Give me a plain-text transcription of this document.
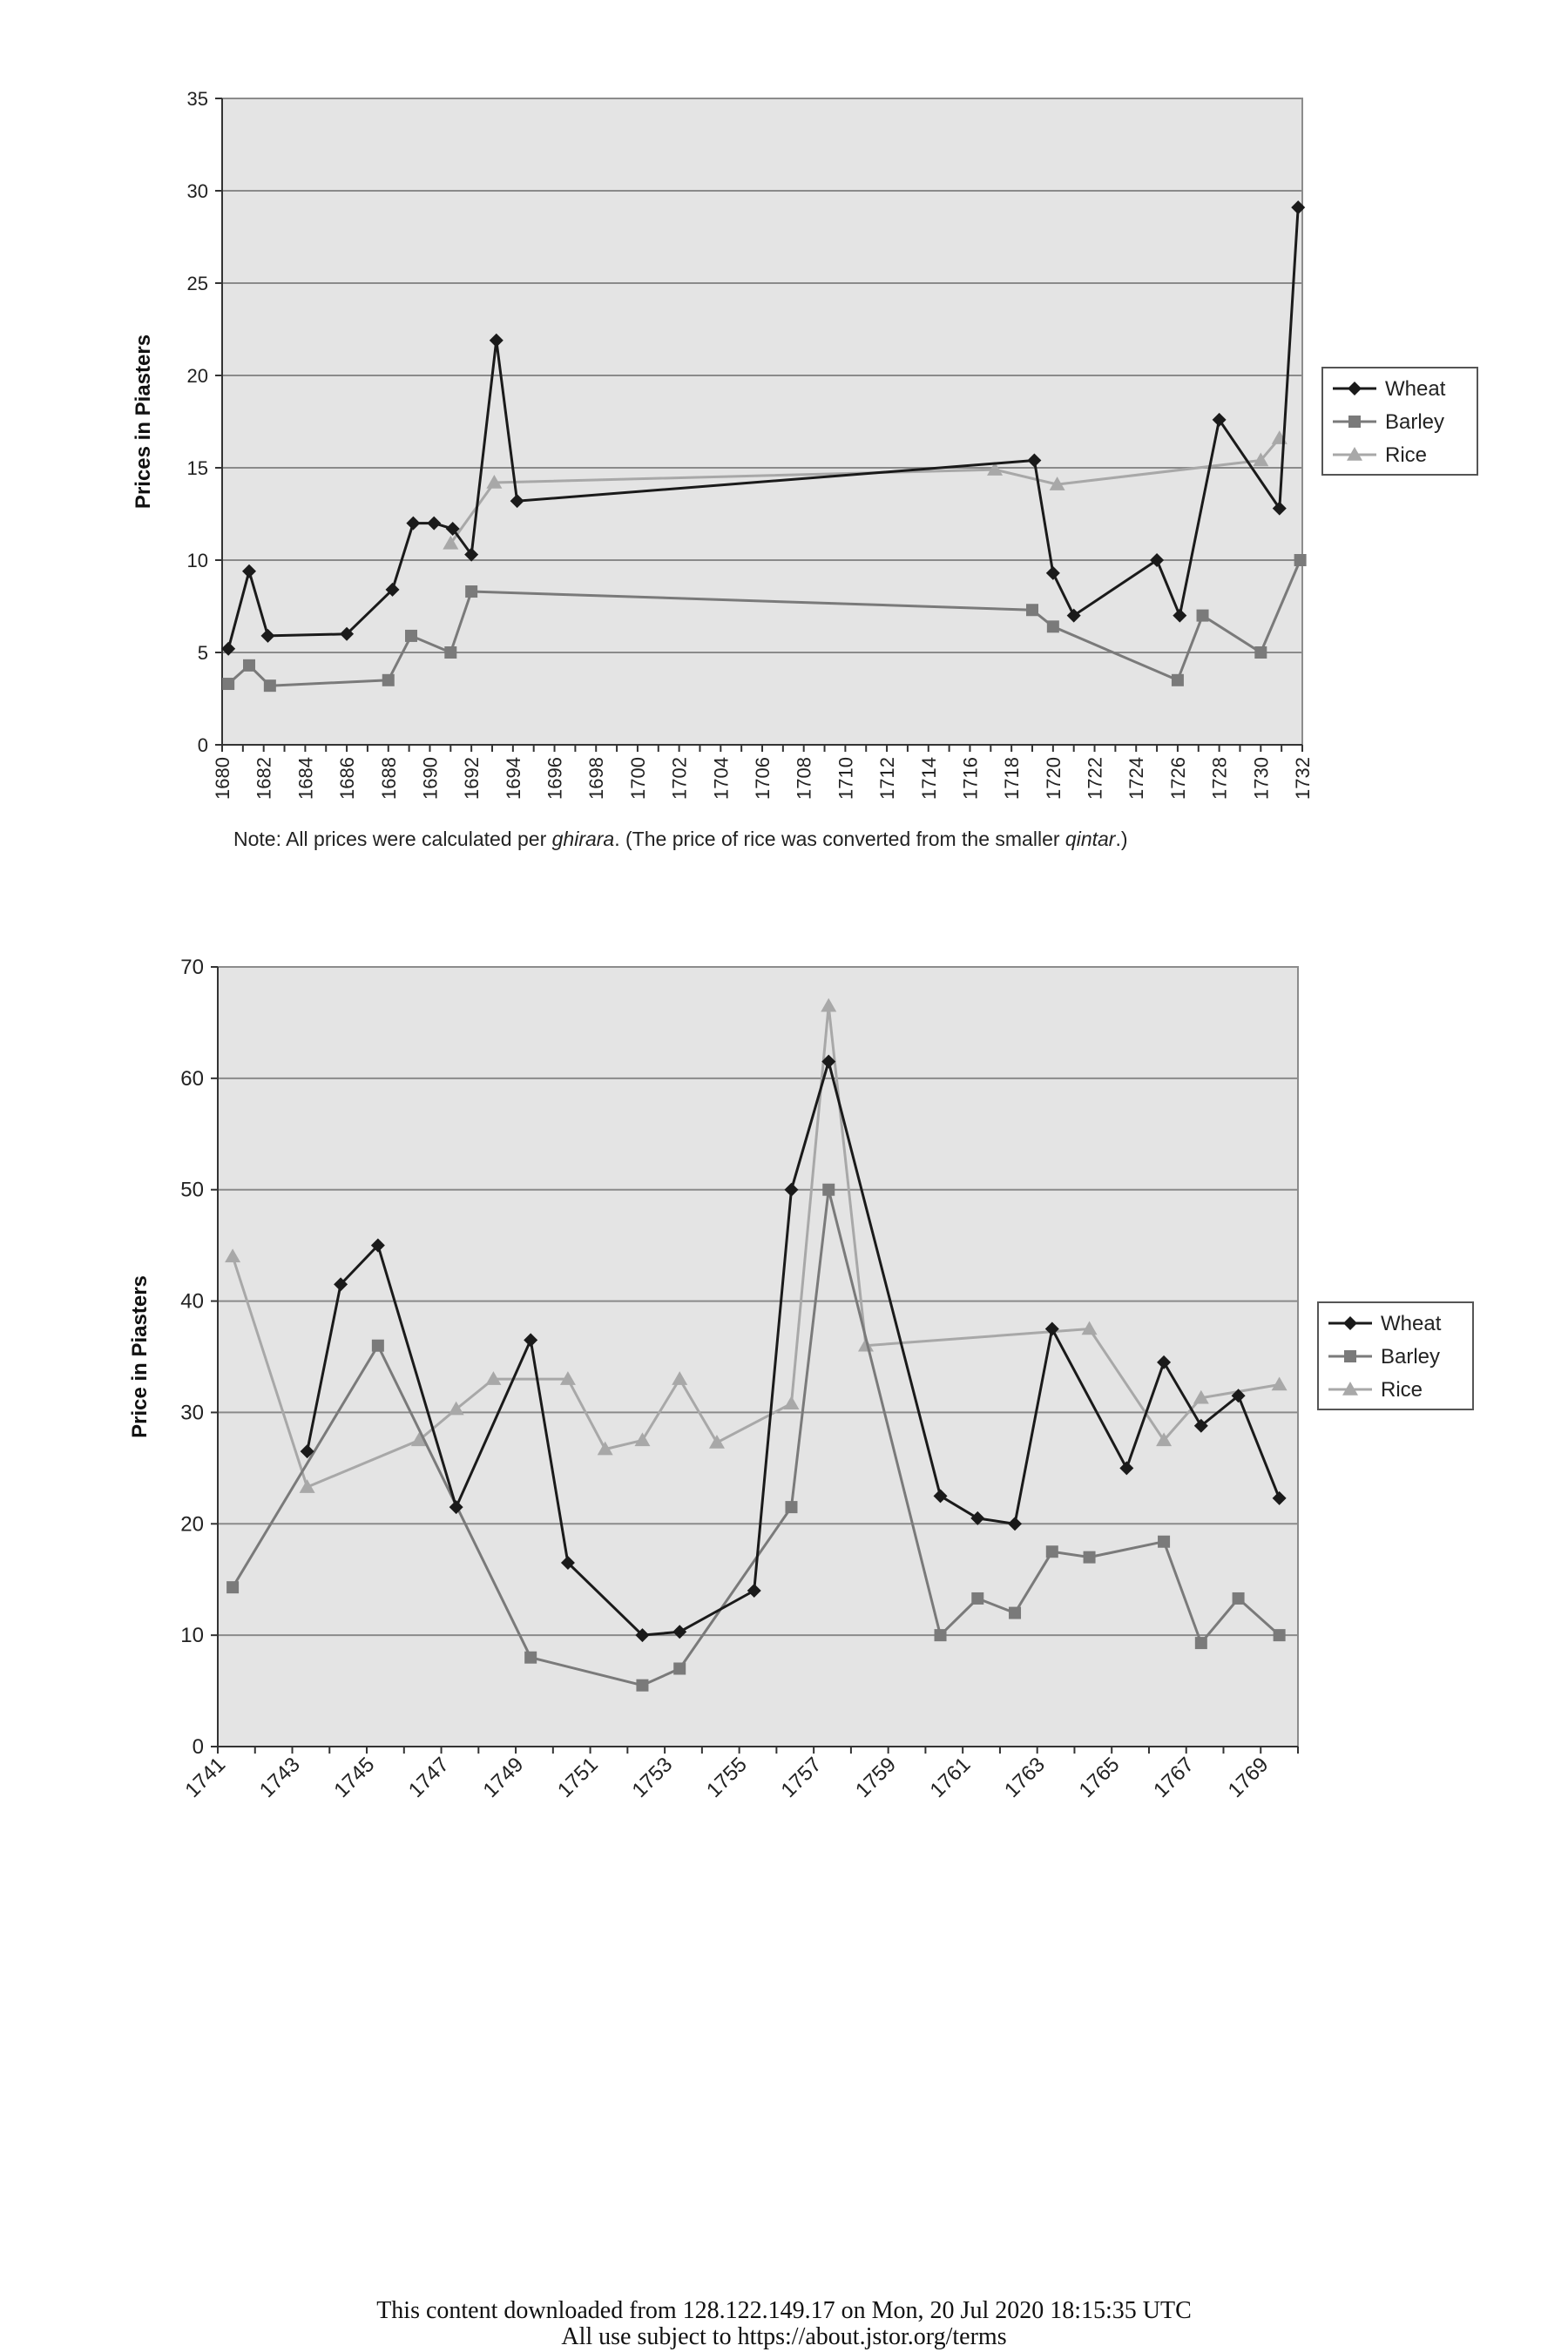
0
5
10
15
20
25
30
35
1680 1682 1684 1686 1688 1690 1692 1694 1696 1698 1700 1702 1704 1706 1708 1710 1712 1714 1716 1718 1720 1722 1724 1726 1728 1730 1732
Prices in Piasters	Wheat
Barley
Rice
0
10
20
30
40
50
60
70
1741 1743 1745 1747 1749 1751 1753 1755 1757 1759 1761 1763 1765 1767 1769
Price in Piasters	Wheat
Barley
Rice
Note: All prices were calculated per ghirara. (The price of rice was converted from the smaller qintar.)
This content downloaded from 128.122.149.17 on Mon, 20 Jul 2020 18:15:35 UTC
All use subject to https://about.jstor.org/terms
